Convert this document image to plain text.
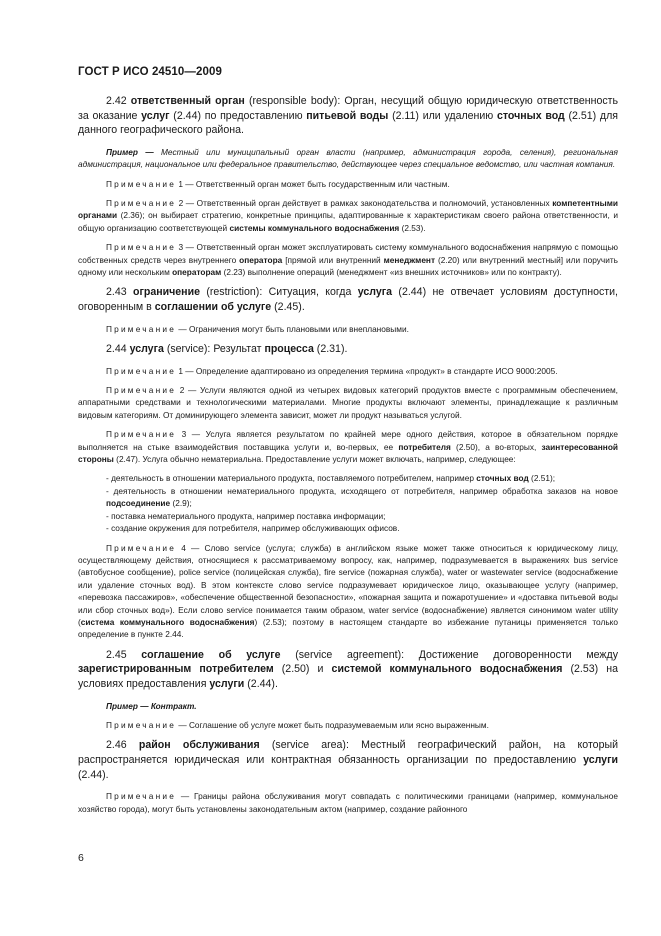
ГОСТ Р ИСО 24510—2009

2.42 ответственный орган (responsible body): Орган, несущий общую юридическую ответственность за оказание услуг (2.44) по предоставлению питьевой воды (2.11) или удалению сточных вод (2.51) для данного географического района.

Пример — Местный или муниципальный орган власти (например, администрация города, селения), региональная администрация, национальное или федеральное правительство, действующее через специальное ведомство, или частная компания.

Примечание 1 — Ответственный орган может быть государственным или частным.

Примечание 2 — Ответственный орган действует в рамках законодательства и полномочий, установленных компетентными органами (2.36); он выбирает стратегию, конкретные принципы, адаптированные к характеристикам своего района ответственности, и общую организацию соответствующей системы коммунального водоснабжения (2.53).

Примечание 3 — Ответственный орган может эксплуатировать систему коммунального водоснабжения напрямую с помощью собственных средств через внутреннего оператора [прямой или внутренний менеджмент (2.20) или внутренний местный] или поручить одному или нескольким операторам (2.23) выполнение операций (менеджмент «из внешних источников» или по контракту).

2.43 ограничение (restriction): Ситуация, когда услуга (2.44) не отвечает условиям доступности, оговоренным в соглашении об услуге (2.45).

Примечание — Ограничения могут быть плановыми или внеплановыми.

2.44 услуга (service): Результат процесса (2.31).

Примечание 1 — Определение адаптировано из определения термина «продукт» в стандарте ИСО 9000:2005.

Примечание 2 — Услуги являются одной из четырех видовых категорий продуктов вместе с программным обеспечением, аппаратными средствами и технологическими материалами. Многие продукты включают элементы, принадлежащие к различным видовым категориям. От доминирующего элемента зависит, может ли продукт называться услугой.

Примечание 3 — Услуга является результатом по крайней мере одного действия, которое в обязательном порядке выполняется на стыке взаимодействия поставщика услуги и, во-первых, ее потребителя (2.50), а во-вторых, заинтересованной стороны (2.47). Услуга обычно нематериальна. Предоставление услуги может включать, например, следующее:

- деятельность в отношении материального продукта, поставляемого потребителем, например сточных вод (2.51);

- деятельность в отношении нематериального продукта, исходящего от потребителя, например обработка заказов на новое подсоединение (2.9);

- поставка нематериального продукта, например поставка информации;

- создание окружения для потребителя, например обслуживающих офисов.

Примечание 4 — Слово service (услуга; служба) в английском языке может также относиться к юридическому лицу, осуществляющему действия, относящиеся к рассматриваемому вопросу, как, например, подразумевается в выражениях bus service (автобусное сообщение), police service (полицейская служба), fire service (пожарная служба), water or wastewater service (водоснабжение или удаление сточных вод). В этом контексте слово service подразумевает юридическое лицо, оказывающее услугу (например, «перевозка пассажиров», «обеспечение общественной безопасности», «пожарная защита и пожаротушение» и «доставка питьевой воды или сбор сточных вод»). Если слово service понимается таким образом, water service (водоснабжение) является синонимом water utility (система коммунального водоснабжения) (2.53); поэтому в настоящем стандарте во избежание путаницы применяется только определение в пункте 2.44.

2.45 соглашение об услуге (service agreement): Достижение договоренности между зарегистрированным потребителем (2.50) и системой коммунального водоснабжения (2.53) на условиях предоставления услуги (2.44).

Пример — Контракт.

Примечание — Соглашение об услуге может быть подразумеваемым или ясно выраженным.

2.46 район обслуживания (service area): Местный географический район, на который распространяется юридическая или контрактная обязанность организации по предоставлению услуги (2.44).

Примечание — Границы района обслуживания могут совпадать с политическими границами (например, коммунальное хозяйство города), могут быть установлены законодательным актом (например, создание районного

6
